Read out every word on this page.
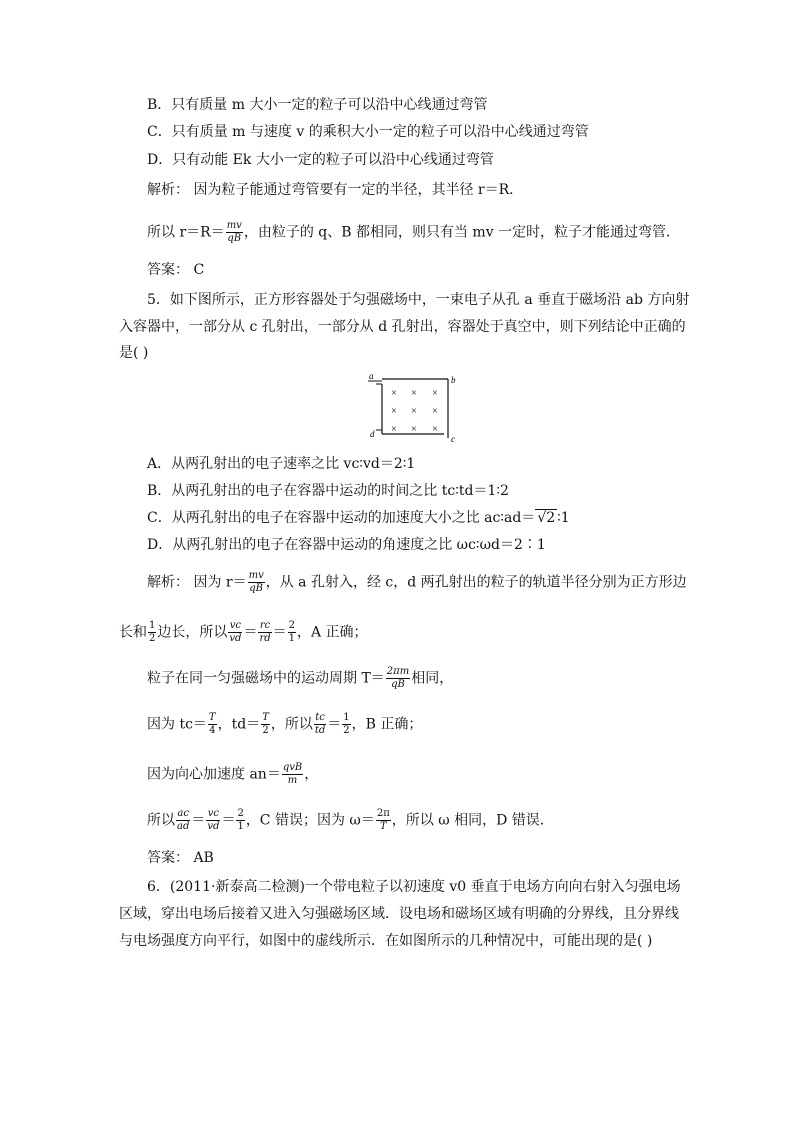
B．只有质量 m 大小一定的粒子可以沿中心线通过弯管
C．只有质量 m 与速度 v 的乘积大小一定的粒子可以沿中心线通过弯管
D．只有动能 Ek 大小一定的粒子可以沿中心线通过弯管
解析： 因为粒子能通过弯管要有一定的半径，其半径 r＝R.
所以 $r=R= \frac{mv}{qB}$ ，由粒子的 q、B 都相同，则只有当 mv 一定时，粒子才能通过弯管．
答案： C
5．如下图所示，正方形容器处于匀强磁场中，一束电子从孔 a 垂直于磁场沿 ab 方向射
入容器中，一部分从 c 孔射出，一部分从 d 孔射出，容器处于真空中，则下列结论中正确的
是( )
a	b
c
d
× × ×
× × ×
× × ×
A．从两孔射出的电子速率之比 vc∶vd＝2∶1
B．从两孔射出的电子在容器中运动的时间之比 tc∶td＝1∶2
C．从两孔射出的电子在容器中运动的加速度大小之比 ac∶ad＝ √2 ∶1
D．从两孔射出的电子在容器中运动的角速度之比 ωc∶ωd＝2∶1
解析： 因为 $r= \frac{mv}{qB}$ ，从 a 孔射入，经 c，d 两孔射出的粒子的轨道半径分别为正方形边
长和 $\frac{1}{2}$ 边长，所以 $\frac{vc}{vd} = \frac{rc}{rd} = \frac{2}{1}$ ，A 正确；
粒子在同一匀强磁场中的运动周期 $T= \frac{2\pi m}{qB}$ 相同，
因为 $tc= \frac{T}{4}$ ，$td= \frac{T}{2}$ ，所以 $\frac{tc}{td} = \frac{1}{2}$ ，B 正确；
因为向心加速度 $an= \frac{\text{qvB}}{m}$ ，
所以 $\frac{ac}{ad} = \frac{vc}{vd} = \frac{2}{1}$ ，C 错误；因为 $\omega= \frac{2\pi}{T}$ ，所以 ω 相同，D 错误．
答案： AB
6．(2011·新泰高二检测)一个带电粒子以初速度 v0 垂直于电场方向向右射入匀强电场
区域，穿出电场后接着又进入匀强磁场区域．设电场和磁场区域有明确的分界线，且分界线
与电场强度方向平行，如图中的虚线所示．在如图所示的几种情况中，可能出现的是( )
